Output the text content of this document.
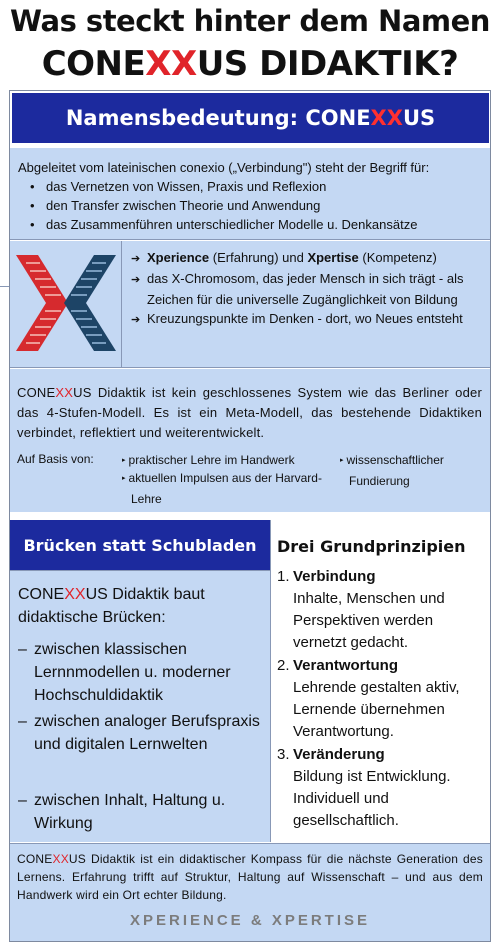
Was steckt hinter dem Namen
CONEXXUS DIDAKTIK?
Namensbedeutung: CONE XX US
Abgeleitet vom lateinischen conexio („Verbindung") steht der Begriff für:
• das Vernetzen von Wissen, Praxis und Reflexion
• den Transfer zwischen Theorie und Anwendung
• das Zusammenführen unterschiedlicher Modelle u. Denkansätze
➔ Xperience (Erfahrung) und Xpertise (Kompetenz)
➔ das X-Chromosom, das jeder Mensch in sich trägt - als Zeichen für die universelle Zugänglichkeit von Bildung
➔ Kreuzungspunkte im Denken - dort, wo Neues entsteht
CONEXXUS Didaktik ist kein geschlossenes System wie das Berliner oder das 4-Stufen-Modell. Es ist ein Meta-Modell, das bestehende Didaktiken verbindet, reflektiert und weiterentwickelt.
Auf Basis von:	▸ praktischer Lehre im Handwerk
▸ aktuellen Impulsen aus der Harvard-Lehre
▸ wissenschaftlicher Fundierung
Brücken statt Schubladen
CONEXXUS Didaktik baut didaktische Brücken:
– zwischen klassischen Lernnmodellen u. moderner Hochschuldidaktik
– zwischen analoger Berufspraxis und digitalen Lernwelten
– zwischen Inhalt, Haltung u. Wirkung
Drei Grundprinzipien
1. Verbindung
Inhalte, Menschen und Perspektiven werden vernetzt gedacht.
2. Verantwortung
Lehrende gestalten aktiv, Lernende übernehmen Verantwortung.
3. Veränderung
Bildung ist Entwicklung. Individuell und gesellschaftlich.
CONEXXUS Didaktik ist ein didaktischer Kompass für die nächste Generation des Lernens. Erfahrung trifft auf Struktur, Haltung auf Wissenschaft – und aus dem Handwerk wird ein Ort echter Bildung.
XPERIENCE & XPERTISE
